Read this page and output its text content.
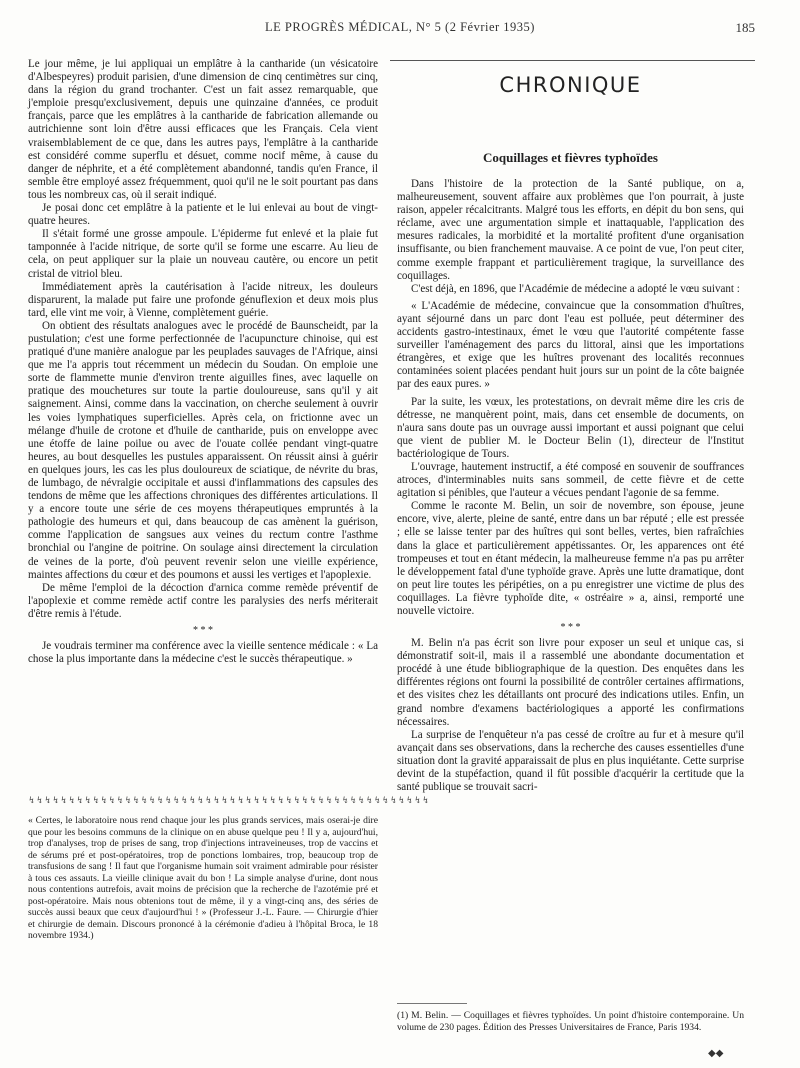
LE PROGRÈS MÉDICAL, N° 5 (2 Février 1935)	185

Le jour même, je lui appliquai un emplâtre à la cantharide (un vésicatoire d'Albespeyres) produit parisien, d'une dimension de cinq centimètres sur cinq, dans la région du grand trochanter. C'est un fait assez remarquable, que j'emploie presqu'exclusivement, depuis une quinzaine d'années, ce produit français, parce que les emplâtres à la cantharide de fabrication allemande ou autrichienne sont loin d'être aussi efficaces que les Français. Cela vient vraisemblablement de ce que, dans les autres pays, l'emplâtre à la cantharide est considéré comme superflu et désuet, comme nocif même, à cause du danger de néphrite, et a été complètement abandonné, tandis qu'en France, il semble être employé assez fréquemment, quoi qu'il ne le soit pourtant pas dans tous les nombreux cas, où il serait indiqué.

Je posai donc cet emplâtre à la patiente et le lui enlevai au bout de vingt-quatre heures.

Il s'était formé une grosse ampoule. L'épiderme fut enlevé et la plaie fut tamponnée à l'acide nitrique, de sorte qu'il se forme une escarre. Au lieu de cela, on peut appliquer sur la plaie un nouveau cautère, ou encore un petit cristal de vitriol bleu.

Immédiatement après la cautérisation à l'acide nitreux, les douleurs disparurent, la malade put faire une profonde génuflexion et deux mois plus tard, elle vint me voir, à Vienne, complètement guérie.

On obtient des résultats analogues avec le procédé de Baunscheidt, par la pustulation; c'est une forme perfectionnée de l'acupuncture chinoise, qui est pratiqué d'une manière analogue par les peuplades sauvages de l'Afrique, ainsi que me l'a appris tout récemment un médecin du Soudan. On emploie une sorte de flammette munie d'environ trente aiguilles fines, avec laquelle on pratique des mouchetures sur toute la partie douloureuse, sans qu'il y ait saignement. Ainsi, comme dans la vaccination, on cherche seulement à ouvrir les voies lymphatiques superficielles. Après cela, on frictionne avec un mélange d'huile de crotone et d'huile de cantharide, puis on enveloppe avec une étoffe de laine poilue ou avec de l'ouate collée pendant vingt-quatre heures, au bout desquelles les pustules apparaissent. On réussit ainsi à guérir en quelques jours, les cas les plus douloureux de sciatique, de névrite du bras, de lumbago, de névralgie occipitale et aussi d'inflammations des capsules des tendons de même que les affections chroniques des différentes articulations. Il y a encore toute une série de ces moyens thérapeutiques empruntés à la pathologie des humeurs et qui, dans beaucoup de cas amènent la guérison, comme l'application de sangsues aux veines du rectum contre l'asthme bronchial ou l'angine de poitrine. On soulage ainsi directement la circulation de veines de la porte, d'où peuvent revenir selon une vieille expérience, maintes affections du cœur et des poumons et aussi les vertiges et l'apoplexie.

De même l'emploi de la décoction d'arnica comme remède préventif de l'apoplexie et comme remède actif contre les paralysies des nerfs mériterait d'être remis à l'étude.

* * *

Je voudrais terminer ma conférence avec la vieille sentence médicale : « La chose la plus importante dans la médecine c'est le succès thérapeutique. »

↯↯↯↯↯↯↯↯↯↯↯↯↯↯↯↯↯↯↯↯↯↯↯↯↯↯↯↯↯↯↯↯↯↯↯↯↯↯↯↯↯↯↯↯↯↯↯↯↯↯
« Certes, le laboratoire nous rend chaque jour les plus grands services, mais oserai-je dire que pour les besoins communs de la clinique on en abuse quelque peu ! Il y a, aujourd'hui, trop d'analyses, trop de prises de sang, trop d'injections intraveineuses, trop de vaccins et de sérums pré et post-opératoires, trop de ponctions lombaires, trop, beaucoup trop de transfusions de sang ! Il faut que l'organisme humain soit vraiment admirable pour résister à tous ces assauts. La vieille clinique avait du bon ! La simple analyse d'urine, dont nous nous contentions autrefois, avait moins de précision que la recherche de l'azotémie pré et post-opératoire. Mais nous obtenions tout de même, il y a vingt-cinq ans, des séries de succès aussi beaux que ceux d'aujourd'hui ! » (Professeur J.-L. Faure. — Chirurgie d'hier et chirurgie de demain. Discours prononcé à la cérémonie d'adieu à l'hôpital Broca, le 18 novembre 1934.)
CHRONIQUE
Coquillages et fièvres typhoïdes

Dans l'histoire de la protection de la Santé publique, on a, malheureusement, souvent affaire aux problèmes que l'on pourrait, à juste raison, appeler récalcitrants. Malgré tous les efforts, en dépit du bon sens, qui réclame, avec une argumentation simple et inattaquable, l'application des mesures radicales, la morbidité et la mortalité profitent d'une organisation insuffisante, ou bien franchement mauvaise. A ce point de vue, l'on peut citer, comme exemple frappant et particulièrement tragique, la surveillance des coquillages.

C'est déjà, en 1896, que l'Académie de médecine a adopté le vœu suivant :

« L'Académie de médecine, convaincue que la consommation d'huîtres, ayant séjourné dans un parc dont l'eau est polluée, peut déterminer des accidents gastro-intestinaux, émet le vœu que l'autorité compétente fasse surveiller l'aménagement des parcs du littoral, ainsi que les importations étrangères, et exige que les huîtres provenant des localités reconnues contaminées soient placées pendant huit jours sur un point de la côte baignée par des eaux pures. »

Par la suite, les vœux, les protestations, on devrait même dire les cris de détresse, ne manquèrent point, mais, dans cet ensemble de documents, on n'aura sans doute pas un ouvrage aussi important et aussi poignant que celui que vient de publier M. le Docteur Belin (1), directeur de l'Institut bactériologique de Tours.

L'ouvrage, hautement instructif, a été composé en souvenir de souffrances atroces, d'interminables nuits sans sommeil, de cette fièvre et de cette agitation si pénibles, que l'auteur a vécues pendant l'agonie de sa femme.

Comme le raconte M. Belin, un soir de novembre, son épouse, jeune encore, vive, alerte, pleine de santé, entre dans un bar réputé ; elle est pressée ; elle se laisse tenter par des huîtres qui sont belles, vertes, bien rafraîchies dans la glace et particulièrement appétissantes. Or, les apparences ont été trompeuses et tout en étant médecin, la malheureuse femme n'a pas pu arrêter le développement fatal d'une typhoïde grave. Après une lutte dramatique, dont on peut lire toutes les péripéties, on a pu enregistrer une victime de plus des coquillages. La fièvre typhoïde dite, « ostréaire » a, ainsi, remporté une nouvelle victoire.

* * *

M. Belin n'a pas écrit son livre pour exposer un seul et unique cas, si démonstratif soit-il, mais il a rassemblé une abondante documentation et procédé à une étude bibliographique de la question. Des enquêtes dans les différentes régions ont fourni la possibilité de contrôler certaines affirmations, et des visites chez les détaillants ont procuré des indications utiles. Enfin, un grand nombre d'examens bactériologiques a apporté les confirmations nécessaires.

La surprise de l'enquêteur n'a pas cessé de croître au fur et à mesure qu'il avançait dans ses observations, dans la recherche des causes essentielles d'une situation dont la gravité apparaissait de plus en plus inquiétante. Cette surprise devint de la stupéfaction, quand il fût possible d'acquérir la certitude que la santé publique se trouvait sacri-

(1) M. Belin. — Coquillages et fièvres typhoïdes. Un point d'histoire contemporaine. Un volume de 230 pages. Édition des Presses Universitaires de France, Paris 1934.
◆◆
